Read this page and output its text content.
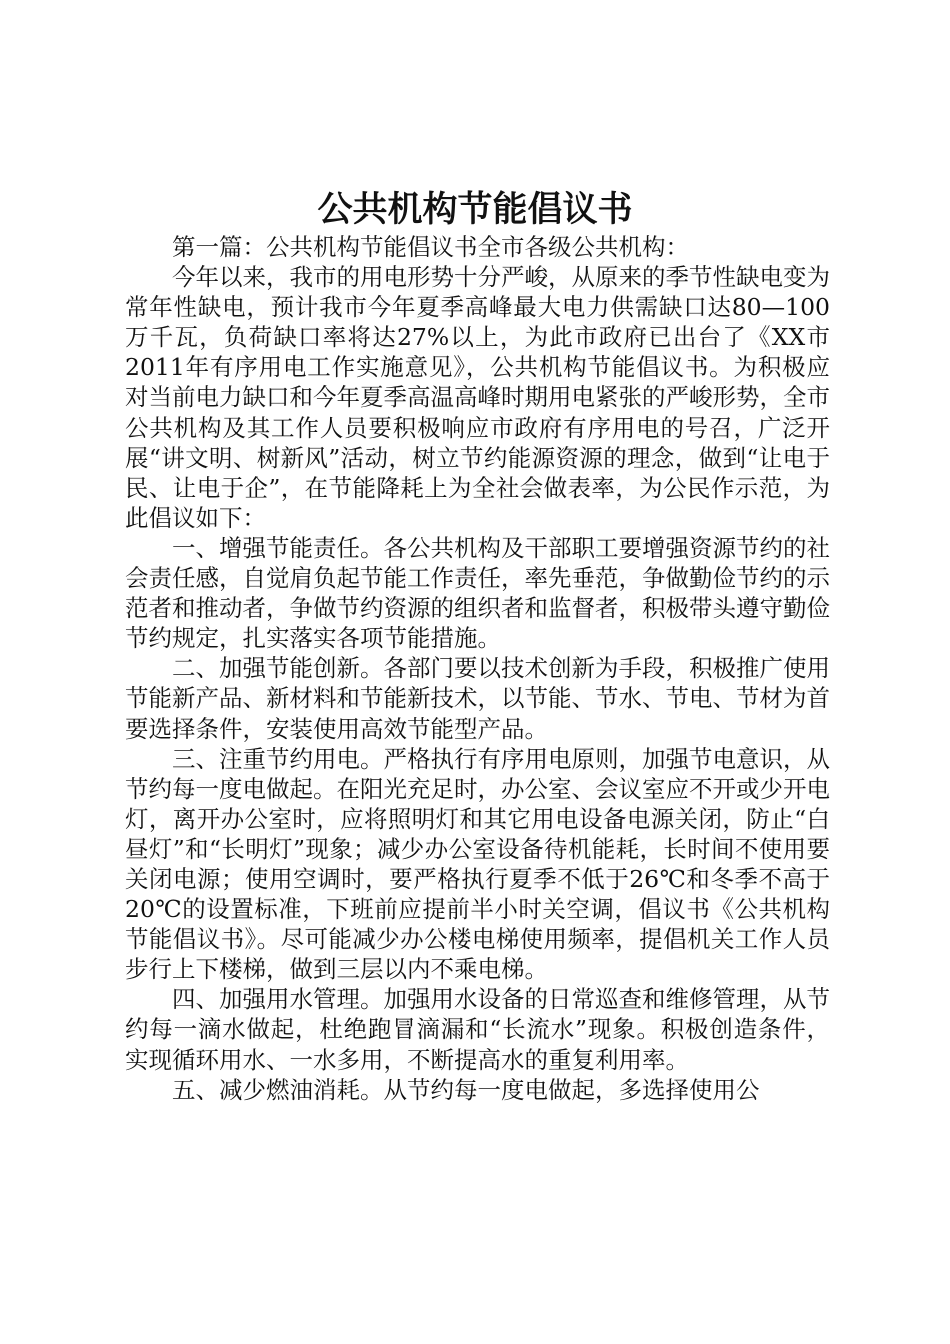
公共机构节能倡议书

第一篇：公共机构节能倡议书全市各级公共机构：

今年以来，我市的用电形势十分严峻，从原来的季节性缺电变为常年性缺电，预计我市今年夏季高峰最大电力供需缺口达80—100万千瓦，负荷缺口率将达27%以上，为此市政府已出台了《XX市2011年有序用电工作实施意见》，公共机构节能倡议书。为积极应对当前电力缺口和今年夏季高温高峰时期用电紧张的严峻形势，全市公共机构及其工作人员要积极响应市政府有序用电的号召，广泛开展“讲文明、树新风”活动，树立节约能源资源的理念，做到“让电于民、让电于企”，在节能降耗上为全社会做表率，为公民作示范，为此倡议如下：

一、增强节能责任。各公共机构及干部职工要增强资源节约的社会责任感，自觉肩负起节能工作责任，率先垂范，争做勤俭节约的示范者和推动者，争做节约资源的组织者和监督者，积极带头遵守勤俭节约规定，扎实落实各项节能措施。

二、加强节能创新。各部门要以技术创新为手段，积极推广使用节能新产品、新材料和节能新技术，以节能、节水、节电、节材为首要选择条件，安装使用高效节能型产品。

三、注重节约用电。严格执行有序用电原则，加强节电意识，从节约每一度电做起。在阳光充足时，办公室、会议室应不开或少开电灯，离开办公室时，应将照明灯和其它用电设备电源关闭，防止“白昼灯”和“长明灯”现象；减少办公室设备待机能耗，长时间不使用要关闭电源；使用空调时，要严格执行夏季不低于26℃和冬季不高于20℃的设置标准，下班前应提前半小时关空调，倡议书《公共机构节能倡议书》。尽可能减少办公楼电梯使用频率，提倡机关工作人员步行上下楼梯，做到三层以内不乘电梯。

四、加强用水管理。加强用水设备的日常巡查和维修管理，从节约每一滴水做起，杜绝跑冒滴漏和“长流水”现象。积极创造条件，实现循环用水、一水多用，不断提高水的重复利用率。

五、减少燃油消耗。从节约每一度电做起，多选择使用公
